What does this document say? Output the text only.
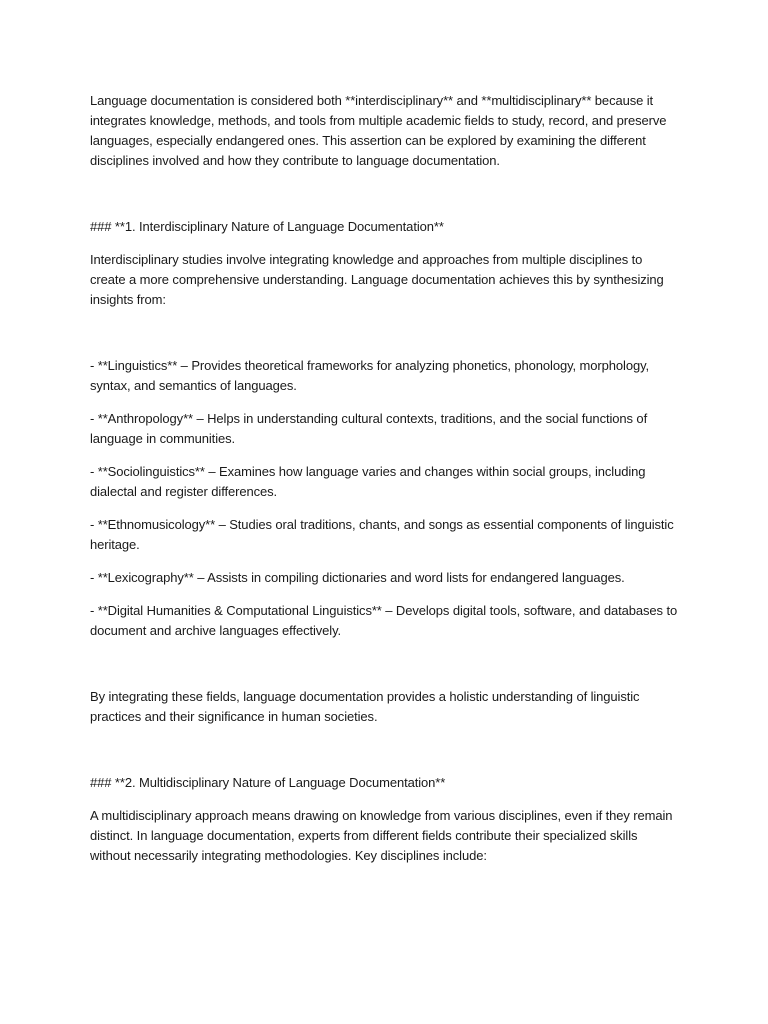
Language documentation is considered both **interdisciplinary** and **multidisciplinary** because it integrates knowledge, methods, and tools from multiple academic fields to study, record, and preserve languages, especially endangered ones. This assertion can be explored by examining the different disciplines involved and how they contribute to language documentation.

### **1. Interdisciplinary Nature of Language Documentation**

Interdisciplinary studies involve integrating knowledge and approaches from multiple disciplines to create a more comprehensive understanding. Language documentation achieves this by synthesizing insights from:

- **Linguistics** – Provides theoretical frameworks for analyzing phonetics, phonology, morphology, syntax, and semantics of languages.

- **Anthropology** – Helps in understanding cultural contexts, traditions, and the social functions of language in communities.

- **Sociolinguistics** – Examines how language varies and changes within social groups, including dialectal and register differences.

- **Ethnomusicology** – Studies oral traditions, chants, and songs as essential components of linguistic heritage.

- **Lexicography** – Assists in compiling dictionaries and word lists for endangered languages.

- **Digital Humanities & Computational Linguistics** – Develops digital tools, software, and databases to document and archive languages effectively.

By integrating these fields, language documentation provides a holistic understanding of linguistic practices and their significance in human societies.

### **2. Multidisciplinary Nature of Language Documentation**

A multidisciplinary approach means drawing on knowledge from various disciplines, even if they remain distinct. In language documentation, experts from different fields contribute their specialized skills without necessarily integrating methodologies. Key disciplines include:
